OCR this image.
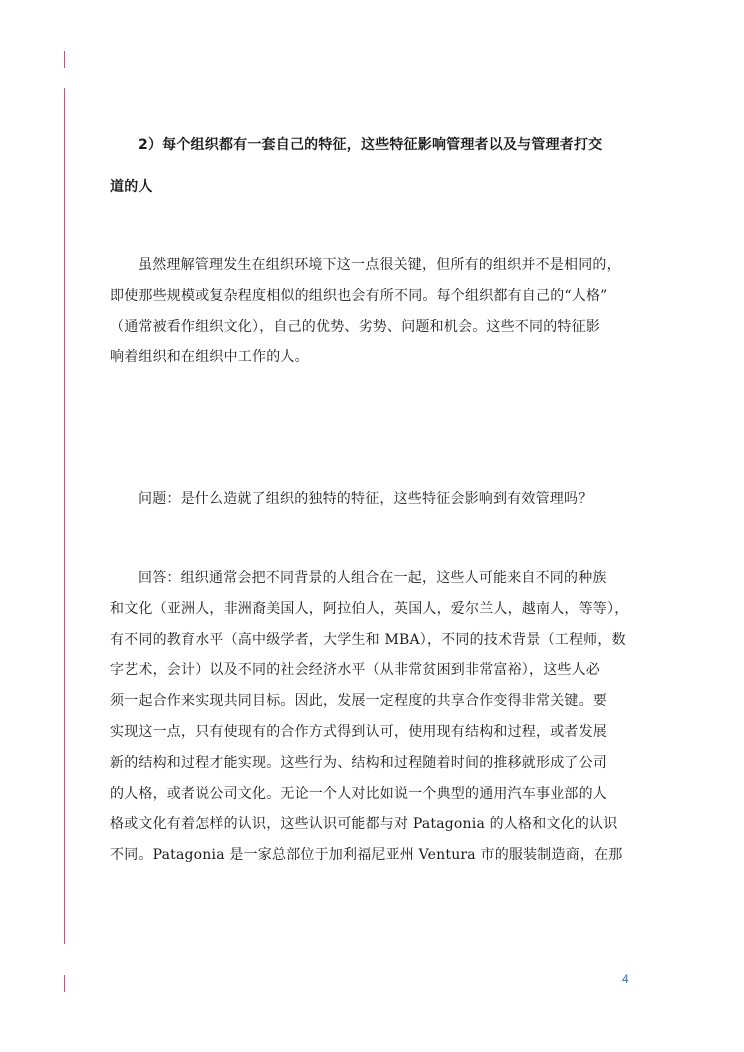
2）每个组织都有一套自己的特征，这些特征影响管理者以及与管理者打交
道的人
虽然理解管理发生在组织环境下这一点很关键，但所有的组织并不是相同的，
即使那些规模或复杂程度相似的组织也会有所不同。每个组织都有自己的“人格”
（通常被看作组织文化），自己的优势、劣势、问题和机会。这些不同的特征影
响着组织和在组织中工作的人。
问题：是什么造就了组织的独特的特征，这些特征会影响到有效管理吗？
回答：组织通常会把不同背景的人组合在一起，这些人可能来自不同的种族
和文化（亚洲人，非洲裔美国人，阿拉伯人，英国人，爱尔兰人，越南人，等等），
有不同的教育水平（高中级学者，大学生和 MBA），不同的技术背景（工程师，数
字艺术，会计）以及不同的社会经济水平（从非常贫困到非常富裕），这些人必
须一起合作来实现共同目标。因此，发展一定程度的共享合作变得非常关键。要
实现这一点，只有使现有的合作方式得到认可，使用现有结构和过程，或者发展
新的结构和过程才能实现。这些行为、结构和过程随着时间的推移就形成了公司
的人格，或者说公司文化。无论一个人对比如说一个典型的通用汽车事业部的人
格或文化有着怎样的认识，这些认识可能都与对 Patagonia 的人格和文化的认识
不同。Patagonia 是一家总部位于加利福尼亚州 Ventura 市的服装制造商，在那
4
